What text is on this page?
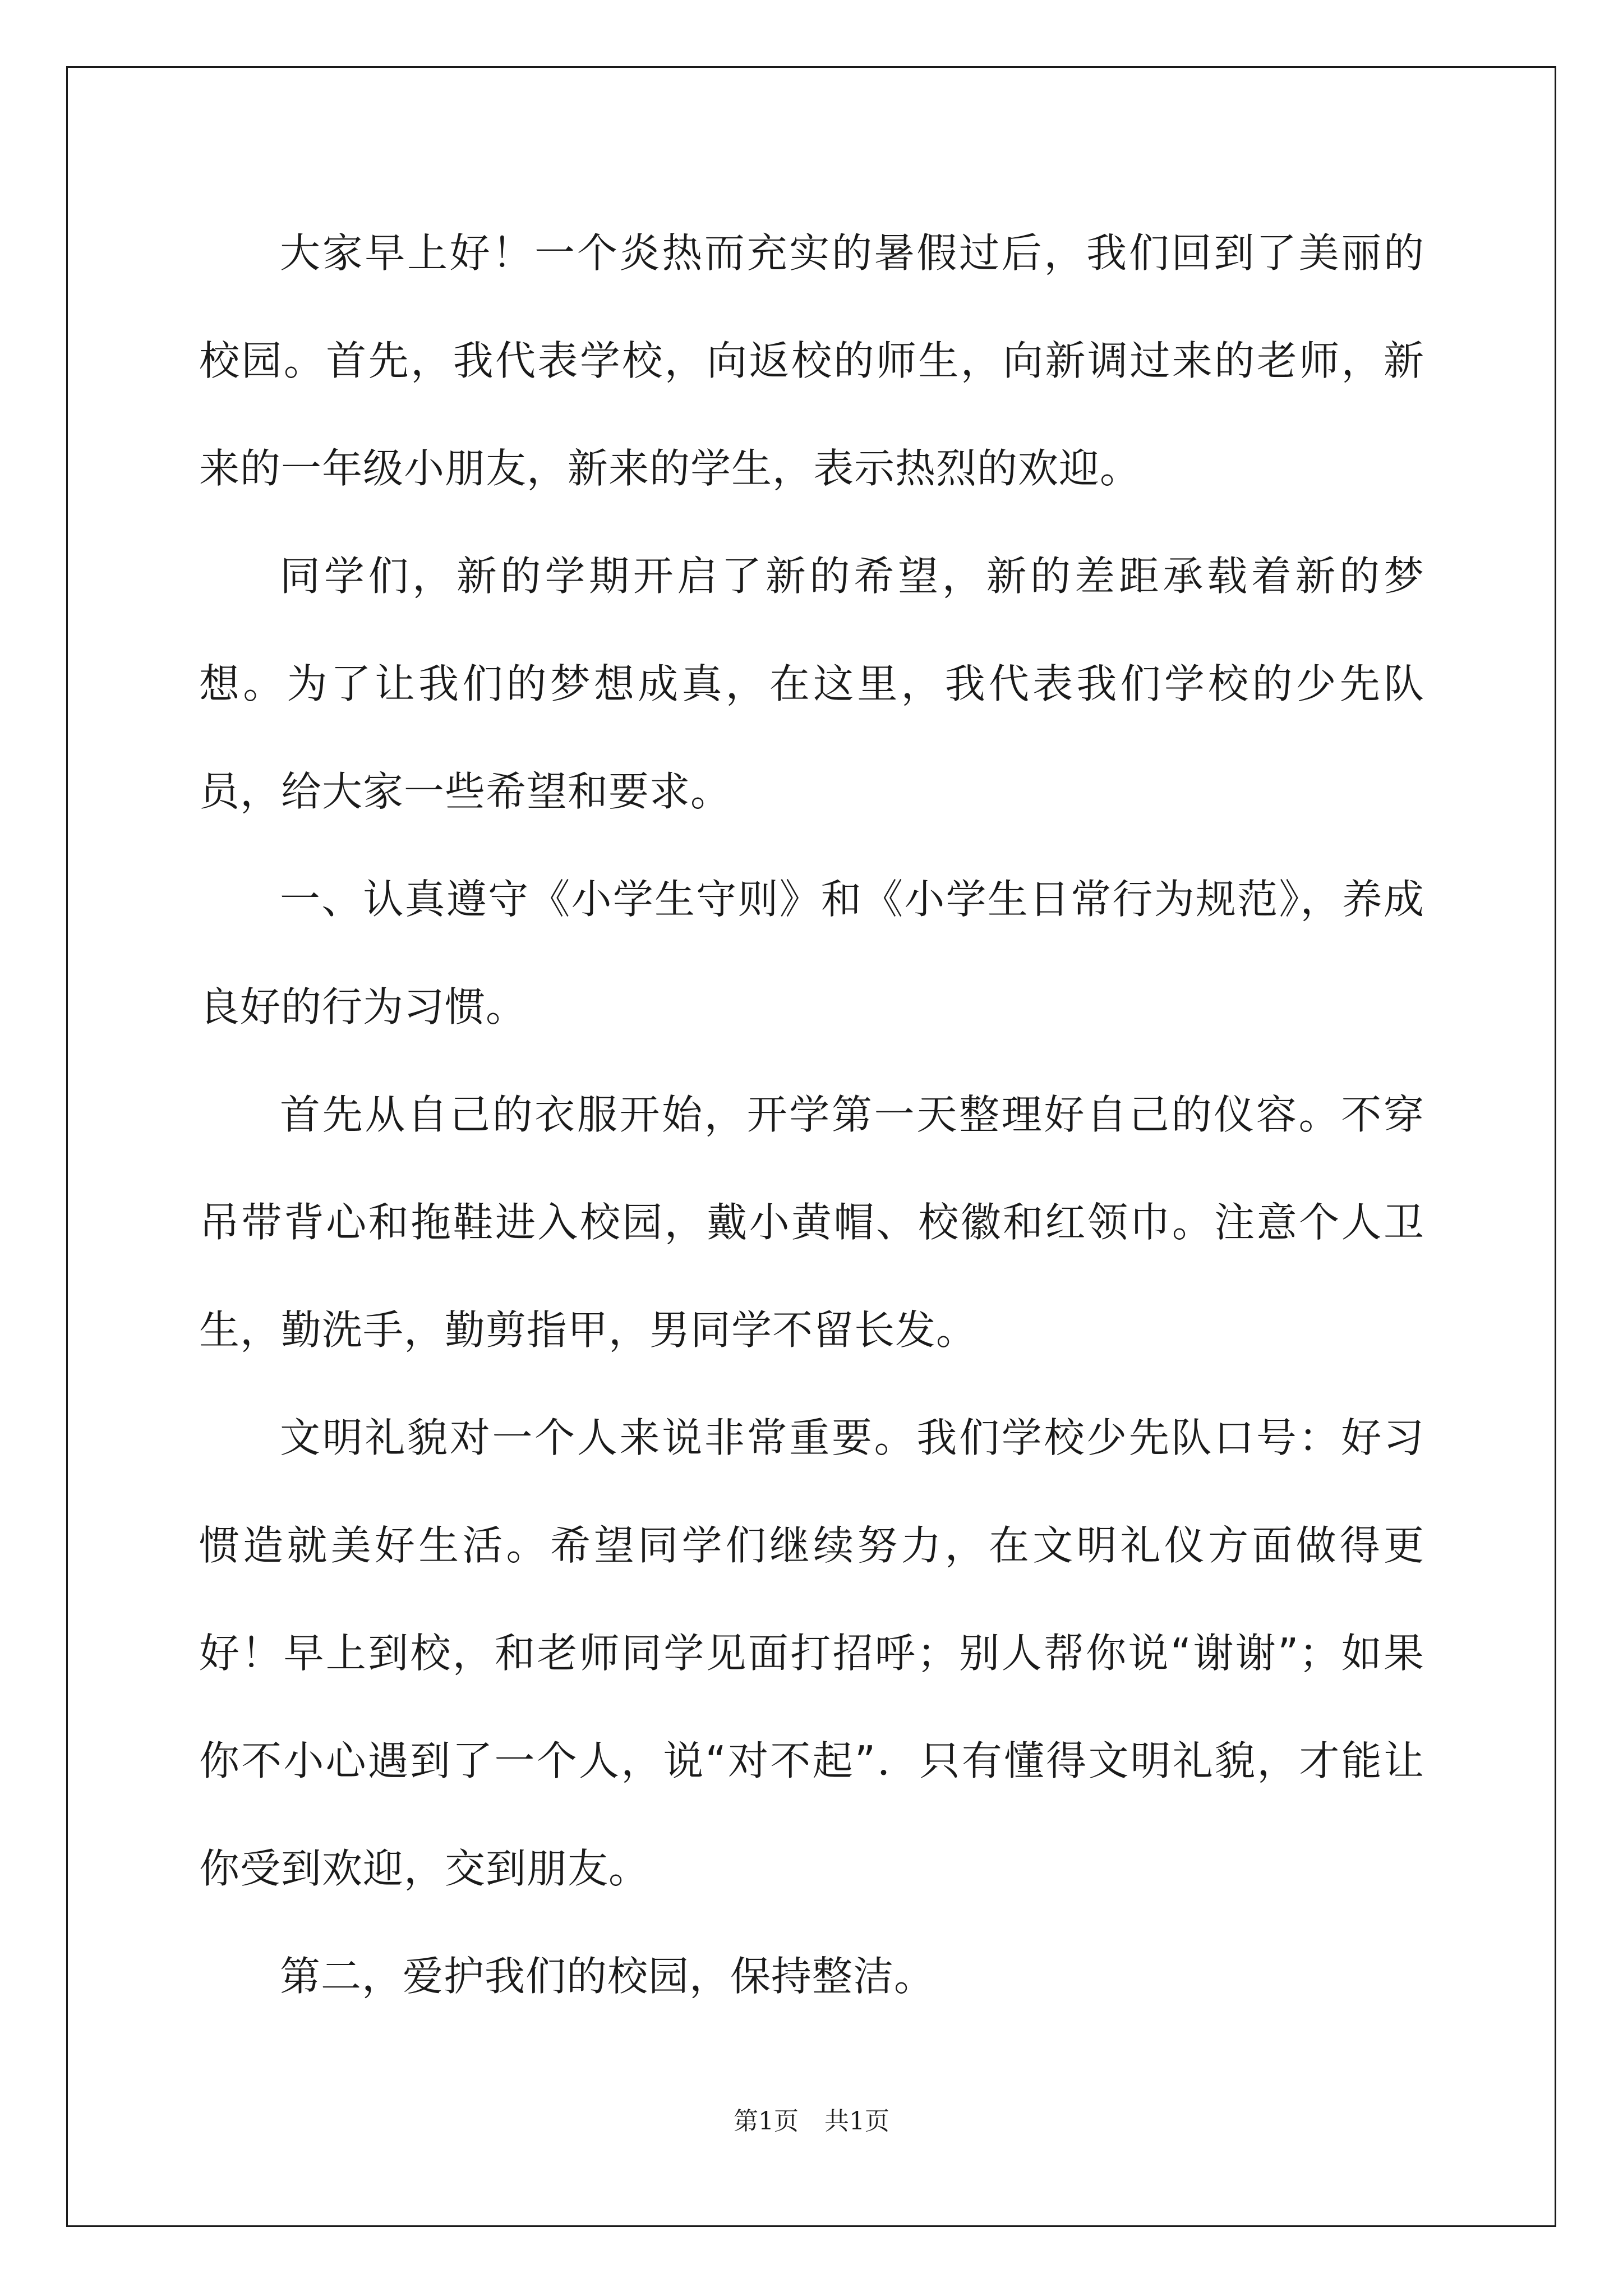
大家早上好！一个炎热而充实的暑假过后，我们回到了美丽的校园。首先，我代表学校，向返校的师生，向新调过来的老师，新来的一年级小朋友，新来的学生，表示热烈的欢迎。

同学们，新的学期开启了新的希望，新的差距承载着新的梦想。为了让我们的梦想成真，在这里，我代表我们学校的少先队员，给大家一些希望和要求。

一、认真遵守《小学生守则》和《小学生日常行为规范》，养成良好的行为习惯。

首先从自己的衣服开始，开学第一天整理好自己的仪容。不穿吊带背心和拖鞋进入校园，戴小黄帽、校徽和红领巾。注意个人卫生，勤洗手，勤剪指甲，男同学不留长发。

文明礼貌对一个人来说非常重要。我们学校少先队口号：好习惯造就美好生活。希望同学们继续努力，在文明礼仪方面做得更好！早上到校，和老师同学见面打招呼；别人帮你说“谢谢”；如果你不小心遇到了一个人，说“对不起”．只有懂得文明礼貌，才能让你受到欢迎，交到朋友。

第二，爱护我们的校园，保持整洁。

第1页 共1页
